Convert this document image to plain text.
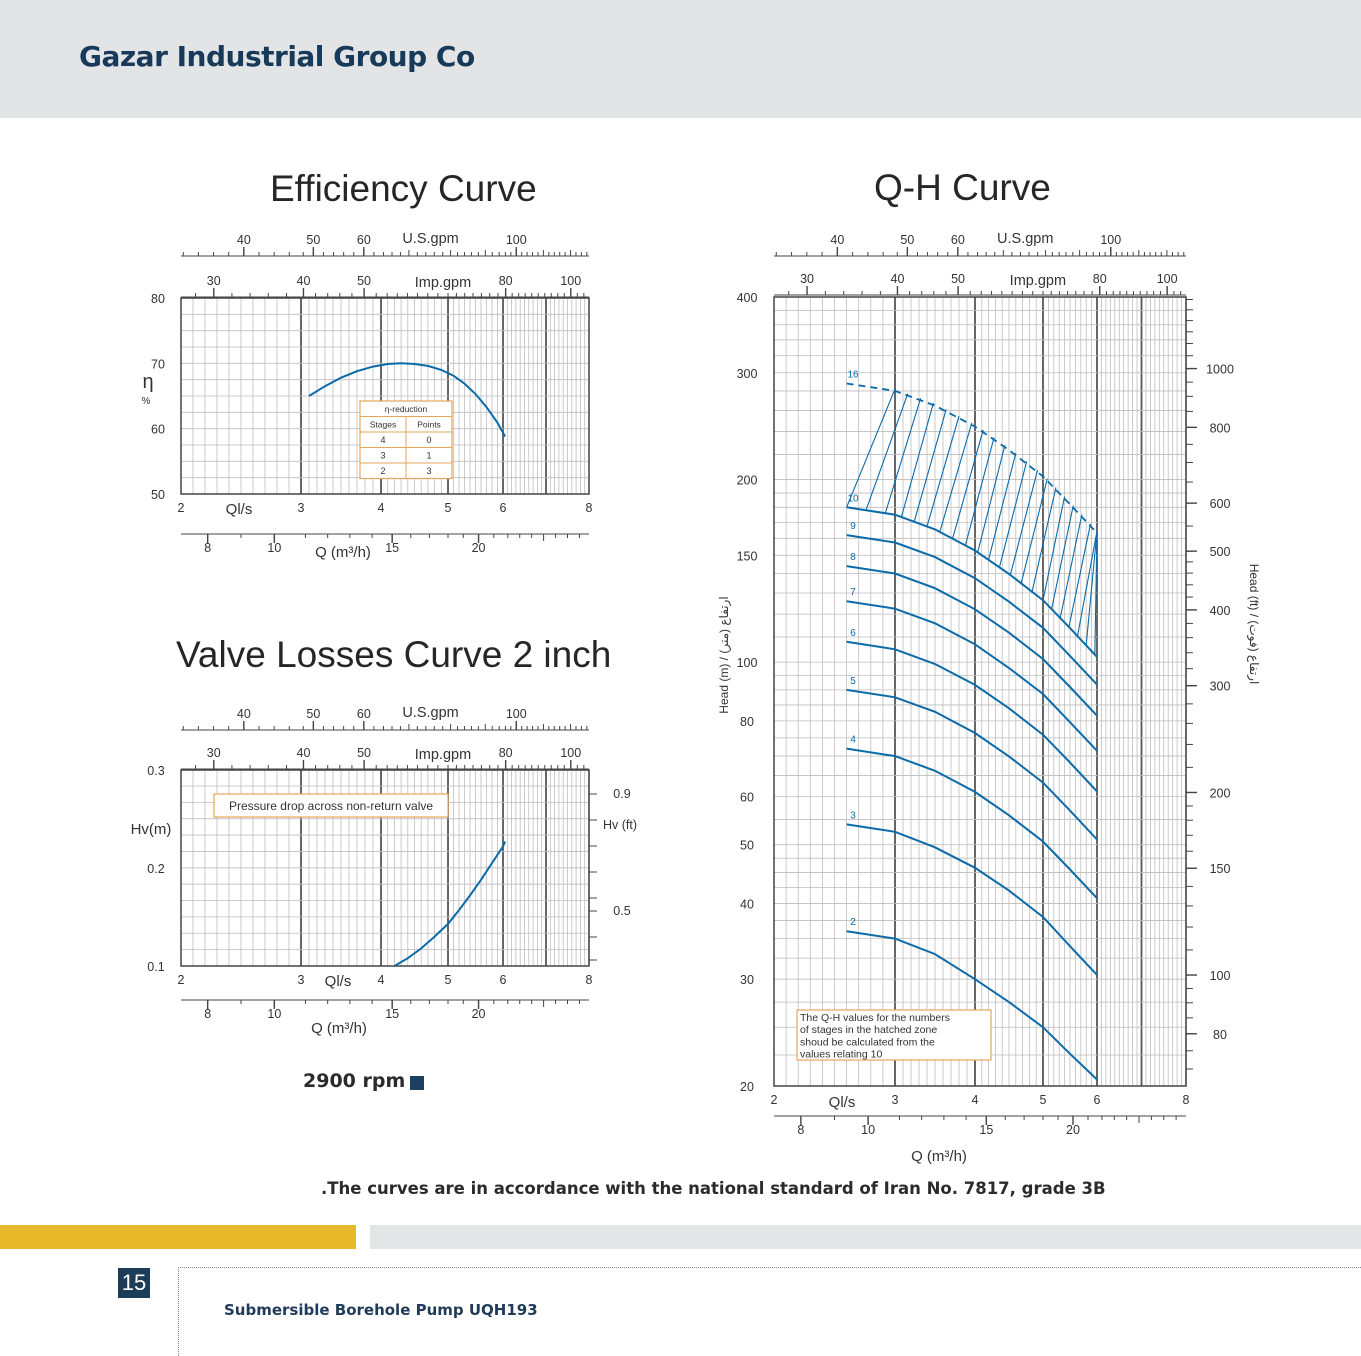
Gazar Industrial Group Co
Efficiency Curve
Valve Losses Curve 2 inch
Q-H Curve
40	50	60	100
U.S.gpm
30	40	50	80	100
Imp.gpm
8	10	15	20
2	3	4	5	6	8
50
60
70
80
η
%
Ql/s
Q (m³/h)
η-reduction
Stages Points
4	0
3	1
2	3
40	50	60	100
U.S.gpm
30	40	50	80	100
Imp.gpm
8	10	15	20
2	3	4	5	6	8
0.1
0.2
0.3
Hv(m)
0.9
0.5
Hv (ft)
Ql/s
Q (m³/h)
Pressure drop across non-return valve
40	50	60	100
U.S.gpm
30	40	50	80	100
Imp.gpm
8	10	15	20
2	3	4	5	6	8
20
30
40
50
60
80
100
150
200
300
400
Head (m) / ارتفاع (متر)
80
100
150
200
300
400
500
600
800
1000
Head (ft) / ارتفاع (فوت)
Ql/s
Q (m³/h)
2
3
4
5
6
7
8
9
10
16
The Q-H values for the numbers
of stages in the hatched zone
shoud be calculated from the
values relating 10
2900 rpm
.The curves are in accordance with the national standard of Iran No. 7817, grade 3B
15
Submersible Borehole Pump UQH193
